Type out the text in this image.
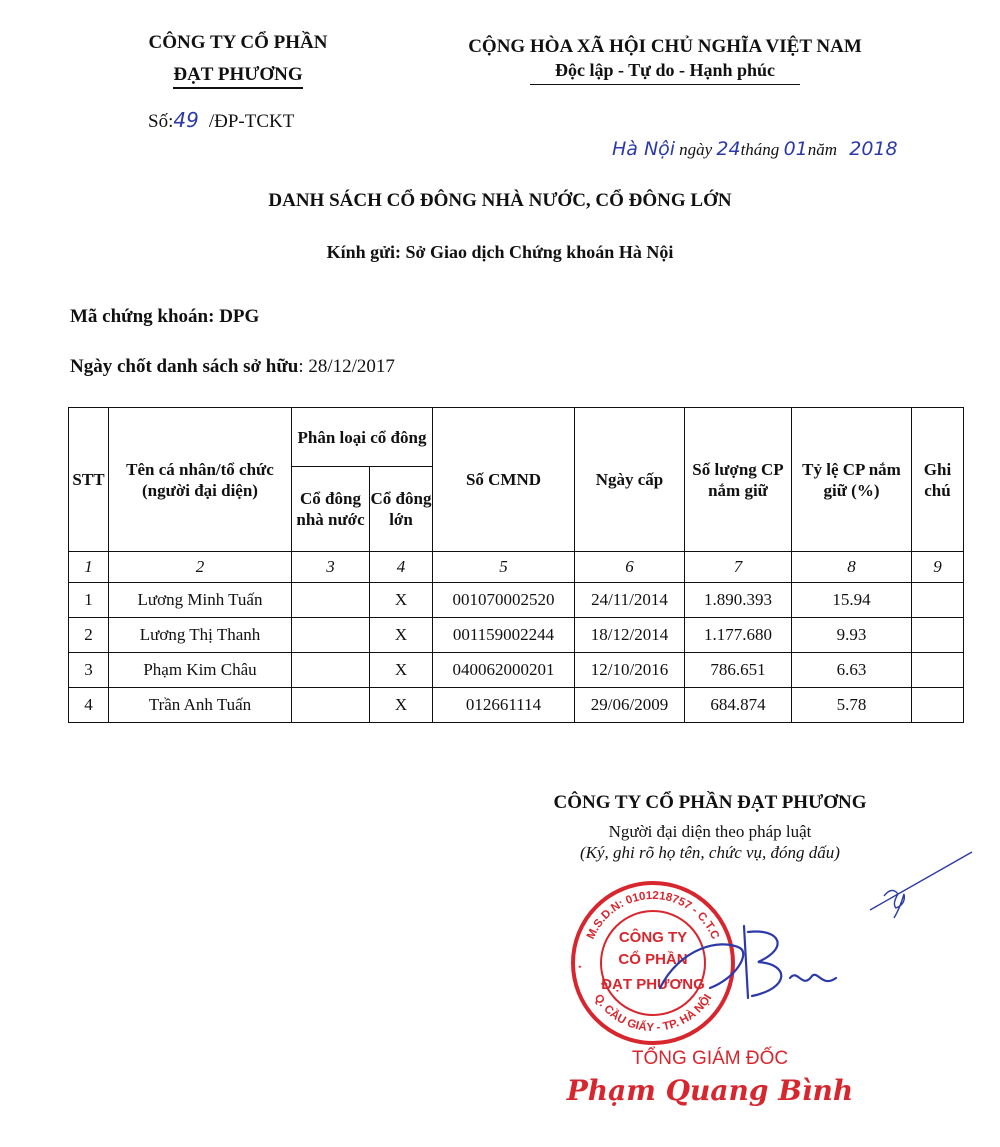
CÔNG TY CỔ PHẦN
ĐẠT PHƯƠNG
Số:49 /ĐP-TCKT
CỘNG HÒA XÃ HỘI CHỦ NGHĨA VIỆT NAM
Độc lập - Tự do - Hạnh phúc
Hà Nội ngày 24tháng 01năm 2018
DANH SÁCH CỔ ĐÔNG NHÀ NƯỚC, CỔ ĐÔNG LỚN
Kính gửi: Sở Giao dịch Chứng khoán Hà Nội
Mã chứng khoán: DPG
Ngày chốt danh sách sở hữu: 28/12/2017
STT	Tên cá nhân/tổ chức (người đại diện)	Phân loại cổ đông		Số CMND	Ngày cấp	Số lượng CP nắm giữ	Tỷ lệ CP nắm giữ (%)	Ghi chú
		Cổ đông nhà nước	Cổ đông lớn					
1	2	3	4	5	6	7	8	9
1	Lương Minh Tuấn		X	001070002520	24/11/2014	1.890.393	15.94	
2	Lương Thị Thanh		X	001159002244	18/12/2014	1.177.680	9.93	
3	Phạm Kim Châu		X	040062000201	12/10/2016	786.651	6.63	
4	Trần Anh Tuấn		X	012661114	29/06/2009	684.874	5.78	
CÔNG TY CỔ PHẦN ĐẠT PHƯƠNG
Người đại diện theo pháp luật
(Ký, ghi rõ họ tên, chức vụ, đóng dấu)
M.S.D.N: 0101218757 - C.T.C
Q. CẦU GIẤY - TP. HÀ NỘI
★
CÔNG TY
CỔ PHẦN
ĐẠT PHƯƠNG
TỔNG GIÁM ĐỐC
Phạm Quang Bình
